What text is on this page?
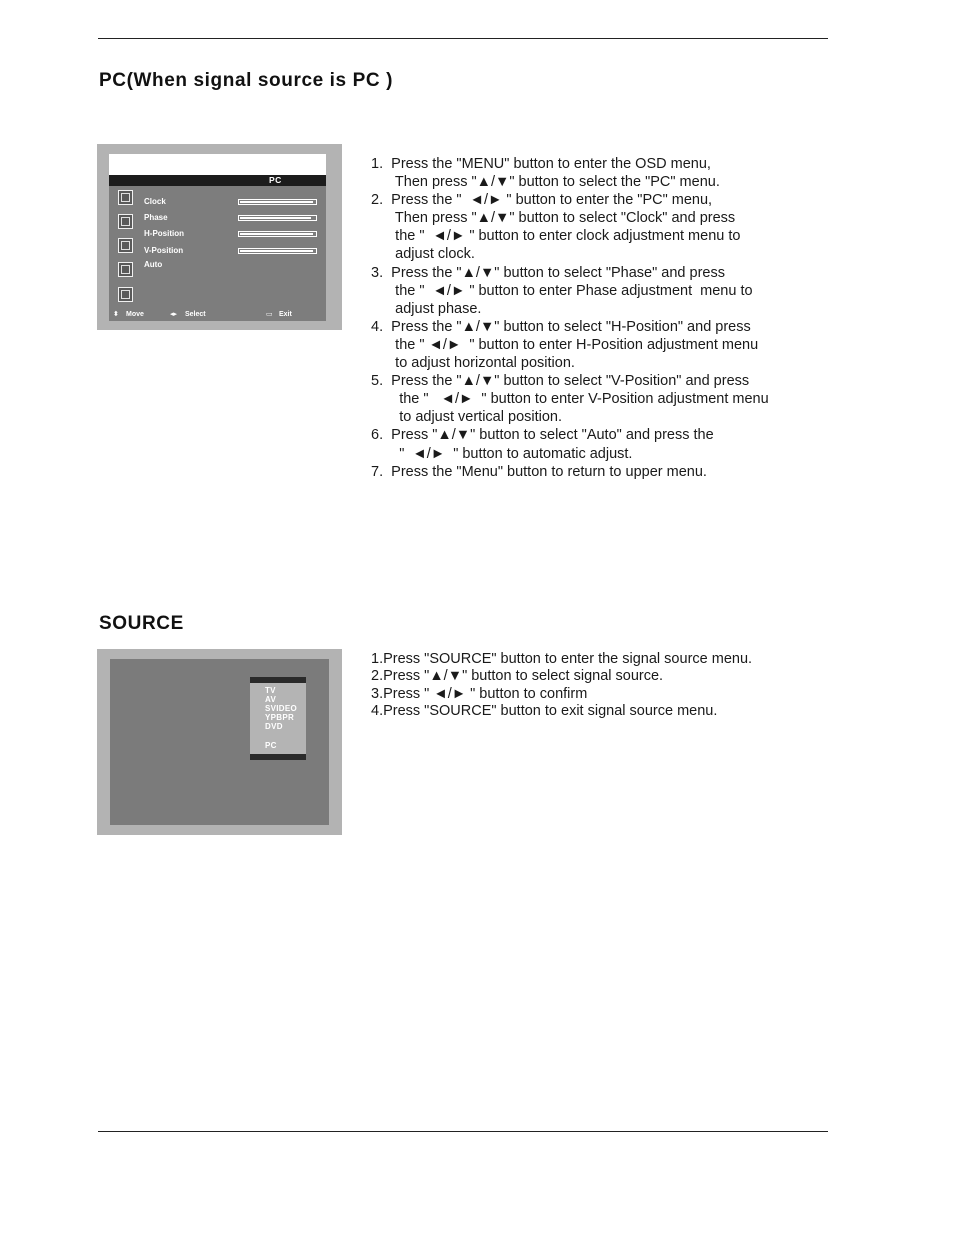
PC(When signal source is PC )
PC
Clock
Phase
H-Position
V-Position
Auto
⬍ Move	◂▸ Select	▭ Exit
1.  Press the "MENU" button to enter the OSD menu,
Then press "▲/▼" button to select the "PC" menu.
2.  Press the "  ◄/► " button to enter the "PC" menu,
Then press "▲/▼" button to select "Clock" and press
the "  ◄/► " button to enter clock adjustment menu to
adjust clock.
3.  Press the "▲/▼" button to select "Phase" and press
the "  ◄/► " button to enter Phase adjustment  menu to
adjust phase.
4.  Press the "▲/▼" button to select "H-Position" and press
the " ◄/►  " button to enter H-Position adjustment menu
to adjust horizontal position.
5.  Press the "▲/▼" button to select "V-Position" and press
the "   ◄/►  " button to enter V-Position adjustment menu
to adjust vertical position.
6.  Press "▲/▼" button to select "Auto" and press the
"  ◄/►  " button to automatic adjust.
7.  Press the "Menu" button to return to upper menu.
SOURCE
TV
AV
SVIDEO
YPBPR
DVD
PC
1.Press "SOURCE" button to enter the signal source menu.
2.Press "▲/▼" button to select signal source.
3.Press " ◄/► " button to confirm
4.Press "SOURCE" button to exit signal source menu.
